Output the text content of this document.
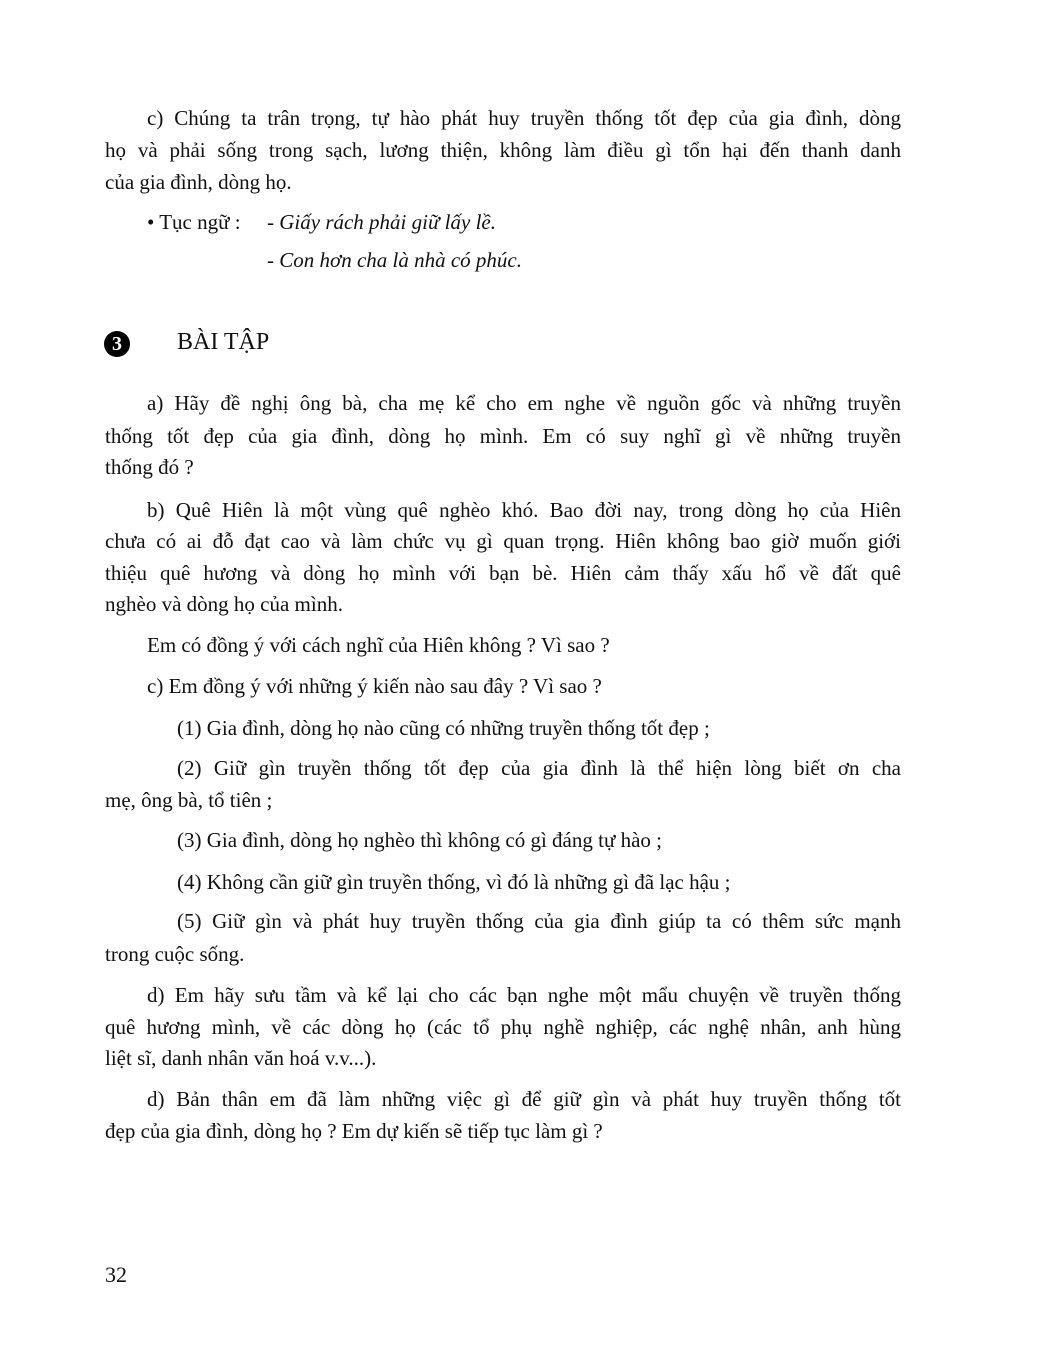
c) Chúng ta trân trọng, tự hào phát huy truyền thống tốt đẹp của gia đình, dòng
họ và phải sống trong sạch, lương thiện, không làm điều gì tổn hại đến thanh danh
của gia đình, dòng họ.
• Tục ngữ :	- Giấy rách phải giữ lấy lề.
- Con hơn cha là nhà có phúc.
3	BÀI TẬP
a) Hãy đề nghị ông bà, cha mẹ kể cho em nghe về nguồn gốc và những truyền
thống tốt đẹp của gia đình, dòng họ mình. Em có suy nghĩ gì về những truyền
thống đó ?
b) Quê Hiên là một vùng quê nghèo khó. Bao đời nay, trong dòng họ của Hiên
chưa có ai đỗ đạt cao và làm chức vụ gì quan trọng. Hiên không bao giờ muốn giới
thiệu quê hương và dòng họ mình với bạn bè. Hiên cảm thấy xấu hổ về đất quê
nghèo và dòng họ của mình.
Em có đồng ý với cách nghĩ của Hiên không ? Vì sao ?
c) Em đồng ý với những ý kiến nào sau đây ? Vì sao ?
(1) Gia đình, dòng họ nào cũng có những truyền thống tốt đẹp ;
(2) Giữ gìn truyền thống tốt đẹp của gia đình là thể hiện lòng biết ơn cha
mẹ, ông bà, tổ tiên ;
(3) Gia đình, dòng họ nghèo thì không có gì đáng tự hào ;
(4) Không cần giữ gìn truyền thống, vì đó là những gì đã lạc hậu ;
(5) Giữ gìn và phát huy truyền thống của gia đình giúp ta có thêm sức mạnh
trong cuộc sống.
d) Em hãy sưu tầm và kể lại cho các bạn nghe một mẩu chuyện về truyền thống
quê hương mình, về các dòng họ (các tổ phụ nghề nghiệp, các nghệ nhân, anh hùng
liệt sĩ, danh nhân văn hoá v.v...).
d) Bản thân em đã làm những việc gì để giữ gìn và phát huy truyền thống tốt
đẹp của gia đình, dòng họ ? Em dự kiến sẽ tiếp tục làm gì ?
32
